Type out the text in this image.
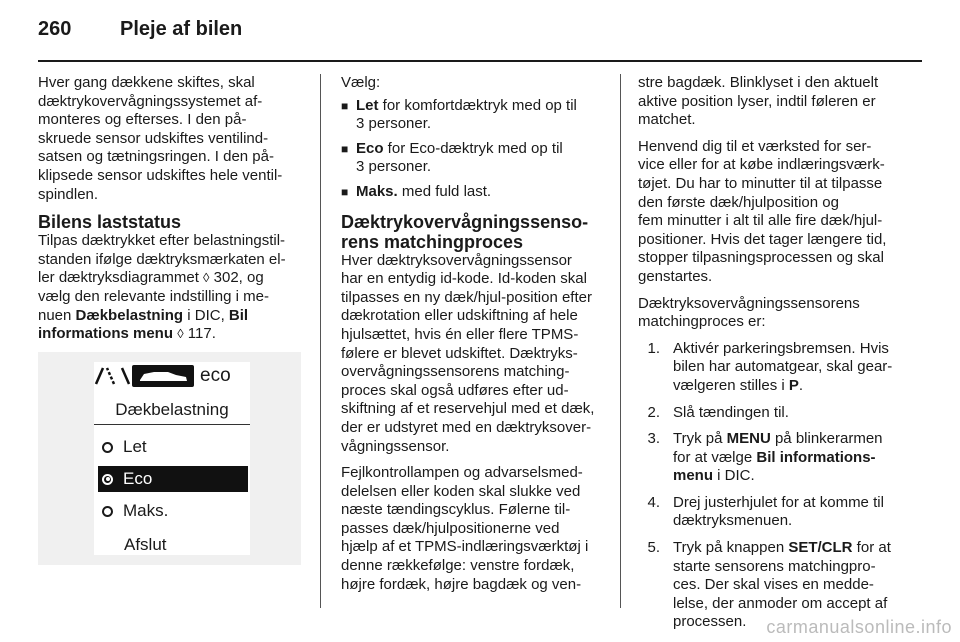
260	Pleje af bilen

Hver gang dækkene skiftes, skal
dæktrykovervågningssystemet af-
monteres og efterses. I den på-
skruede sensor udskiftes ventilind-
satsen og tætningsringen. I den på-
klipsede sensor udskiftes hele ventil-
spindlen.

Bilens laststatus

Tilpas dæktrykket efter belastningstil-
standen ifølge dæktryksmærkaten el-
ler dæktryksdiagrammet ◊ 302, og
vælg den relevante indstilling i me-
nuen Dækbelastning i DIC, Bil
informations menu ◊ 117.

eco
Dækbelastning
Let
Eco
Maks.
Afslut

Vælg:

■ Let for komfortdæktryk med op til
3 personer.
■ Eco for Eco-dæktryk med op til
3 personer.
■ Maks. med fuld last.
Dæktrykovervågningssenso-
rens matchingproces

Hver dæktryksovervågningssensor
har en entydig id-kode. Id-koden skal
tilpasses en ny dæk/hjul-position efter
dækrotation eller udskiftning af hele
hjulsættet, hvis én eller flere TPMS-
følere er blevet udskiftet. Dæktryks-
overvågningssensorens matching-
proces skal også udføres efter ud-
skiftning af et reservehjul med et dæk,
der er udstyret med en dæktryksover-
vågningssensor.

Fejlkontrollampen og advarselsmed-
delelsen eller koden skal slukke ved
næste tændingscyklus. Følerne til-
passes dæk/hjulpositionerne ved
hjælp af et TPMS-indlæringsværktøj i
denne rækkefølge: venstre fordæk,
højre fordæk, højre bagdæk og ven-

stre bagdæk. Blinklyset i den aktuelt
aktive position lyser, indtil føleren er
matchet.

Henvend dig til et værksted for ser-
vice eller for at købe indlæringsværk-
tøjet. Du har to minutter til at tilpasse
den første dæk/hjulposition og
fem minutter i alt til alle fire dæk/hjul-
positioner. Hvis det tager længere tid,
stopper tilpasningsprocessen og skal
genstartes.

Dæktryksovervågningssensorens
matchingproces er:

1. Aktivér parkeringsbremsen. Hvis
bilen har automatgear, skal gear-
vælgeren stilles i P.
2. Slå tændingen til.
3. Tryk på MENU på blinkerarmen
for at vælge Bil informations-
menu i DIC.
4. Drej justerhjulet for at komme til
dæktryksmenuen.
5. Tryk på knappen SET/CLR for at
starte sensorens matchingpro-
ces. Der skal vises en medde-
lelse, der anmoder om accept af
processen.	carmanualsonline.info
